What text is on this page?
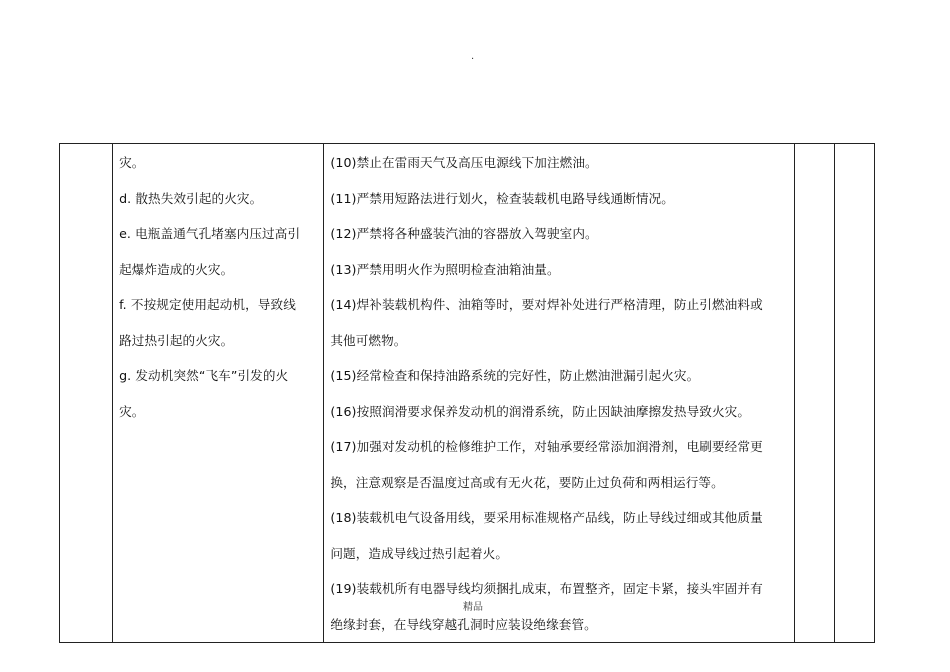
.

灾。
d. 散热失效引起的火灾。
e. 电瓶盖通气孔堵塞内压过高引
起爆炸造成的火灾。
f. 不按规定使用起动机，导致线
路过热引起的火灾。
g. 发动机突然“飞车”引发的火
灾。

(10)禁止在雷雨天气及高压电源线下加注燃油。
(11)严禁用短路法进行划火，检查装载机电路导线通断情况。
(12)严禁将各种盛装汽油的容器放入驾驶室内。
(13)严禁用明火作为照明检查油箱油量。
(14)焊补装载机构件、油箱等时，要对焊补处进行严格清理，防止引燃油料或
其他可燃物。
(15)经常检查和保持油路系统的完好性，防止燃油泄漏引起火灾。
(16)按照润滑要求保养发动机的润滑系统，防止因缺油摩擦发热导致火灾。
(17)加强对发动机的检修维护工作，对轴承要经常添加润滑剂，电刷要经常更
换，注意观察是否温度过高或有无火花，要防止过负荷和两相运行等。
(18)装载机电气设备用线，要采用标准规格产品线，防止导线过细或其他质量
问题，造成导线过热引起着火。
(19)装载机所有电器导线均须捆扎成束，布置整齐，固定卡紧，接头牢固并有
绝缘封套，在导线穿越孔洞时应装设绝缘套管。

精品
